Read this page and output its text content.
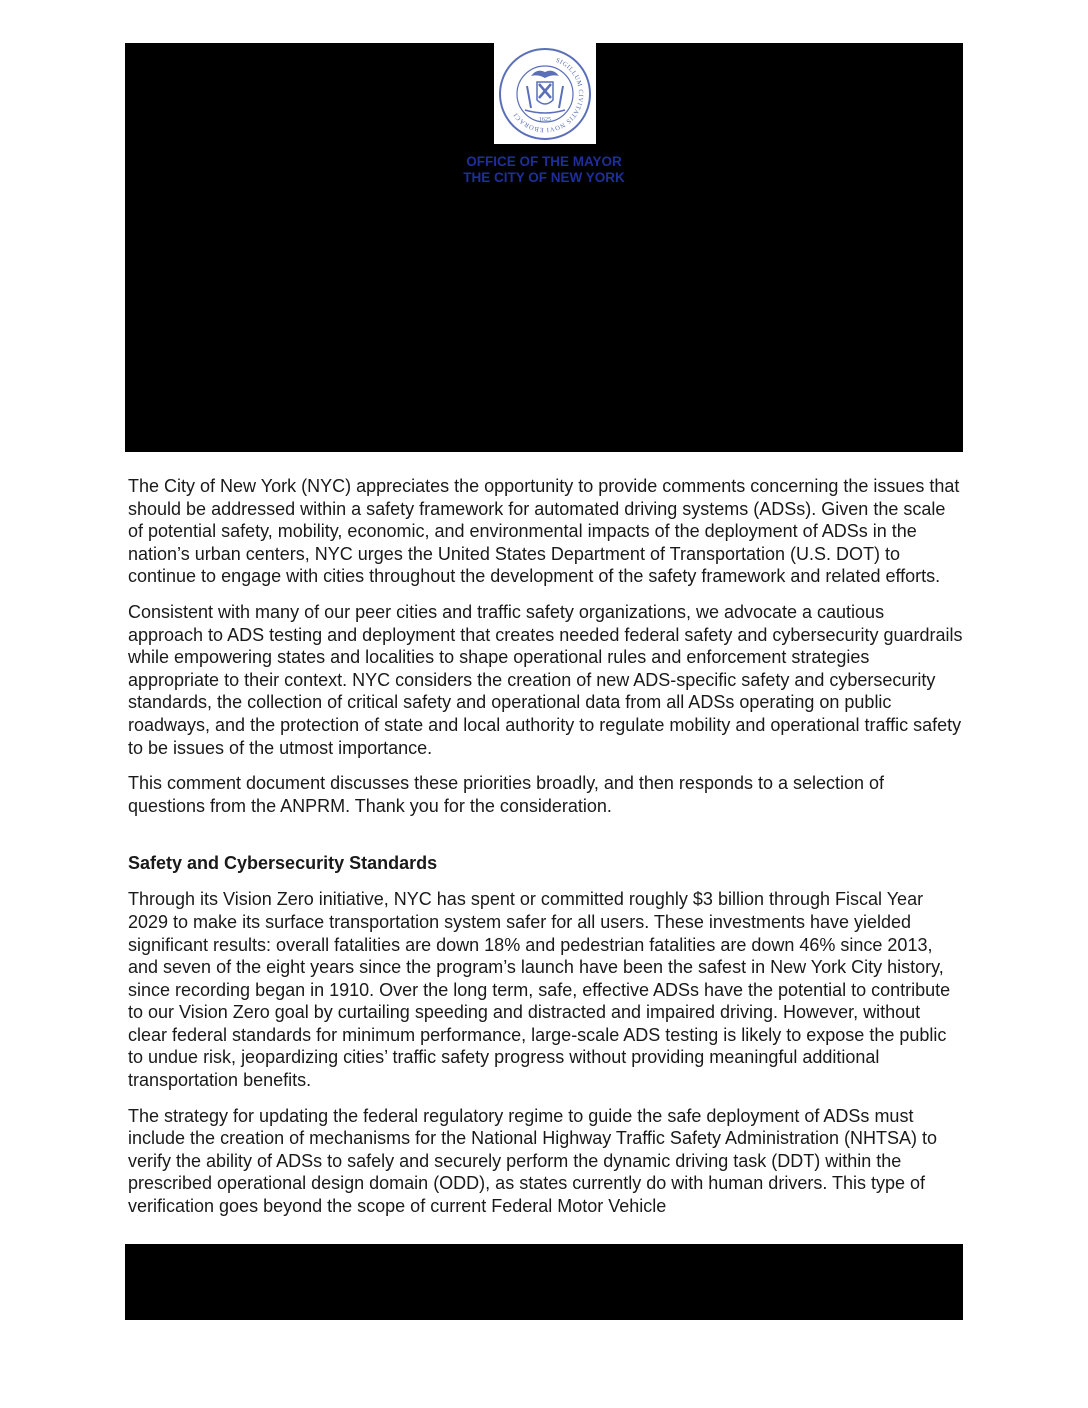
SIGILLUM CIVITATIS NOVI EBORACI
1625
OFFICE OF THE MAYOR
THE CITY OF NEW YORK

The City of New York (NYC) appreciates the opportunity to provide comments concerning the issues that should be addressed within a safety framework for automated driving systems (ADSs). Given the scale of potential safety, mobility, economic, and environmental impacts of the deployment of ADSs in the nation’s urban centers, NYC urges the United States Department of Transportation (U.S. DOT) to continue to engage with cities throughout the development of the safety framework and related efforts.

Consistent with many of our peer cities and traffic safety organizations, we advocate a cautious approach to ADS testing and deployment that creates needed federal safety and cybersecurity guardrails while empowering states and localities to shape operational rules and enforcement strategies appropriate to their context. NYC considers the creation of new ADS-specific safety and cybersecurity standards, the collection of critical safety and operational data from all ADSs operating on public roadways, and the protection of state and local authority to regulate mobility and operational traffic safety to be issues of the utmost importance.

This comment document discusses these priorities broadly, and then responds to a selection of questions from the ANPRM. Thank you for the consideration.

Safety and Cybersecurity Standards

Through its Vision Zero initiative, NYC has spent or committed roughly $3 billion through Fiscal Year 2029 to make its surface transportation system safer for all users. These investments have yielded significant results: overall fatalities are down 18% and pedestrian fatalities are down 46% since 2013, and seven of the eight years since the program’s launch have been the safest in New York City history, since recording began in 1910. Over the long term, safe, effective ADSs have the potential to contribute to our Vision Zero goal by curtailing speeding and distracted and impaired driving. However, without clear federal standards for minimum performance, large-scale ADS testing is likely to expose the public to undue risk, jeopardizing cities’ traffic safety progress without providing meaningful additional transportation benefits.

The strategy for updating the federal regulatory regime to guide the safe deployment of ADSs must include the creation of mechanisms for the National Highway Traffic Safety Administration (NHTSA) to verify the ability of ADSs to safely and securely perform the dynamic driving task (DDT) within the prescribed operational design domain (ODD), as states currently do with human drivers. This type of verification goes beyond the scope of current Federal Motor Vehicle
